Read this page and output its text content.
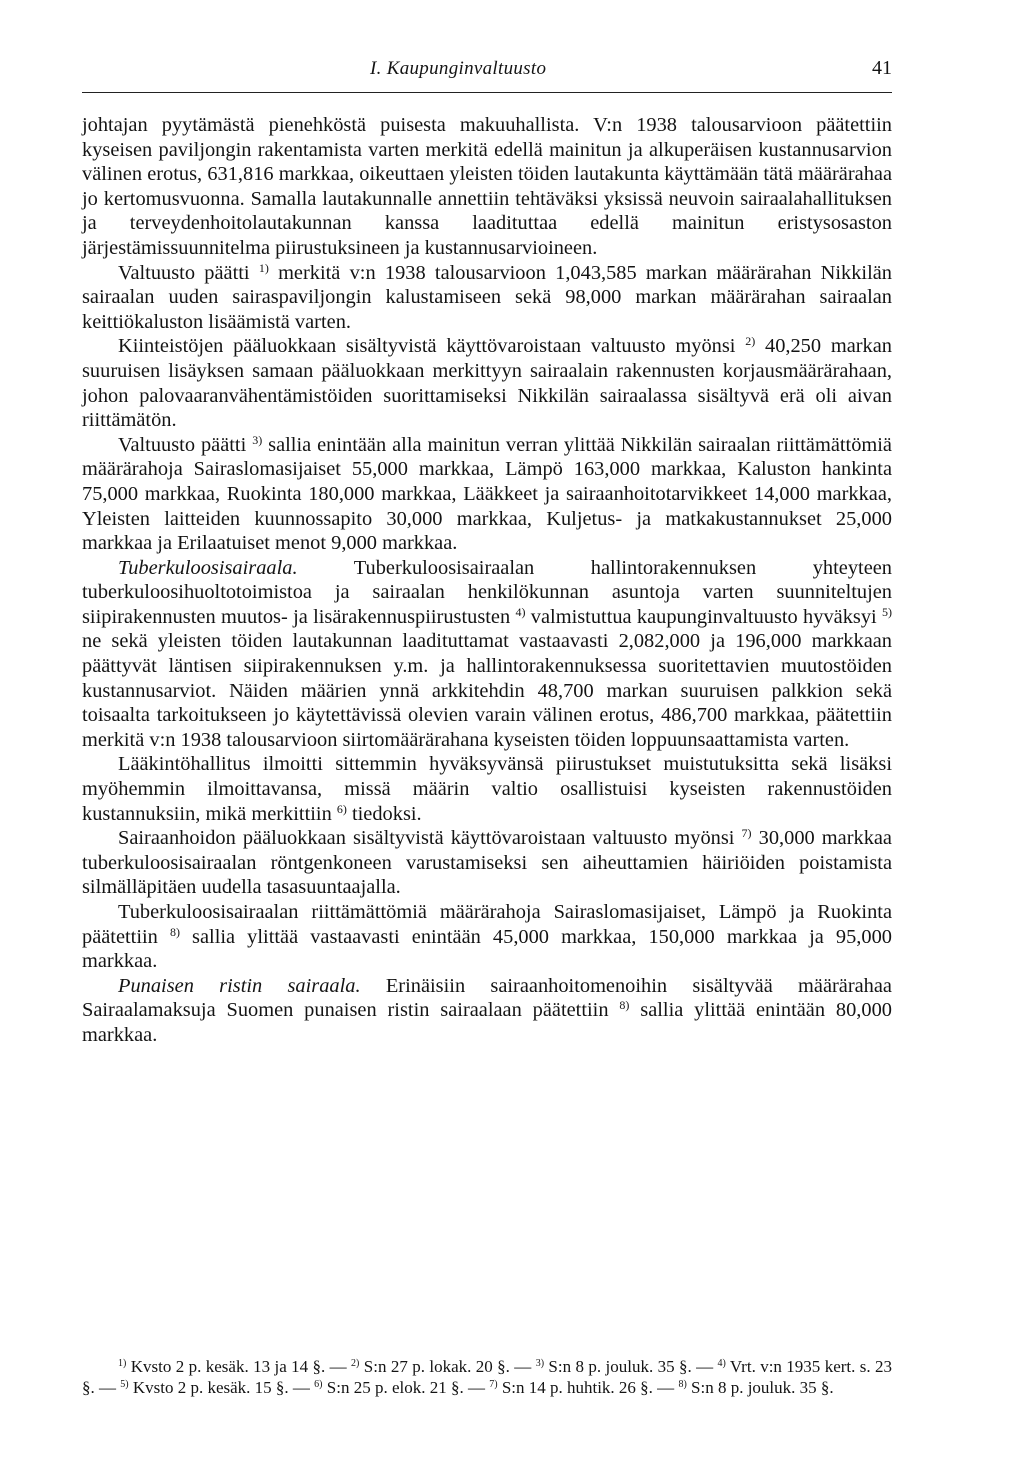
I. Kaupunginvaltuusto	41

johtajan pyytämästä pienehköstä puisesta makuuhallista. V:n 1938 talousarvioon päätettiin kyseisen paviljongin rakentamista varten merkitä edellä mainitun ja alkuperäisen kustannusarvion välinen erotus, 631,816 markkaa, oikeuttaen yleisten töiden lautakunta käyttämään tätä määrärahaa jo kertomusvuonna. Samalla lautakunnalle annettiin tehtäväksi yksissä neuvoin sairaalahallituksen ja terveydenhoitolautakunnan kanssa laadituttaa edellä mainitun eristysosaston järjestämissuunnitelma piirustuksineen ja kustannusarvioineen.

Valtuusto päätti $^{1)}$ merkitä v:n 1938 talousarvioon 1,043,585 markan määrärahan Nikkilän sairaalan uuden sairaspaviljongin kalustamiseen sekä 98,000 markan määrärahan sairaalan keittiökaluston lisäämistä varten.

Kiinteistöjen pääluokkaan sisältyvistä käyttövaroistaan valtuusto myönsi $^{2)}$ 40,250 markan suuruisen lisäyksen samaan pääluokkaan merkittyyn sairaalain rakennusten korjausmäärärahaan, johon palovaaranvähentämistöiden suorittamiseksi Nikkilän sairaalassa sisältyvä erä oli aivan riittämätön.

Valtuusto päätti $^{3)}$ sallia enintään alla mainitun verran ylittää Nikkilän sairaalan riittämättömiä määrärahoja Sairaslomasijaiset 55,000 markkaa, Lämpö 163,000 markkaa, Kaluston hankinta 75,000 markkaa, Ruokinta 180,000 markkaa, Lääkkeet ja sairaanhoitotarvikkeet 14,000 markkaa, Yleisten laitteiden kuunnossapito 30,000 markkaa, Kuljetus- ja matkakustannukset 25,000 markkaa ja Erilaatuiset menot 9,000 markkaa.

Tuberkuloosisairaala. Tuberkuloosisairaalan hallintorakennuksen yhteyteen tuberkuloosihuoltotoimistoa ja sairaalan henkilökunnan asuntoja varten suunniteltujen siipirakennusten muutos- ja lisärakennuspiirustusten $^{4)}$ valmistuttua kaupunginvaltuusto hyväksyi $^{5)}$ ne sekä yleisten töiden lautakunnan laadituttamat vastaavasti 2,082,000 ja 196,000 markkaan päättyvät läntisen siipirakennuksen y.m. ja hallintorakennuksessa suoritettavien muutostöiden kustannusarviot. Näiden määrien ynnä arkkitehdin 48,700 markan suuruisen palkkion sekä toisaalta tarkoitukseen jo käytettävissä olevien varain välinen erotus, 486,700 markkaa, päätettiin merkitä v:n 1938 talousarvioon siirtomäärärahana kyseisten töiden loppuunsaattamista varten.

Lääkintöhallitus ilmoitti sittemmin hyväksyvänsä piirustukset muistutuksitta sekä lisäksi myöhemmin ilmoittavansa, missä määrin valtio osallistuisi kyseisten rakennustöiden kustannuksiin, mikä merkittiin $^{6)}$ tiedoksi.

Sairaanhoidon pääluokkaan sisältyvistä käyttövaroistaan valtuusto myönsi $^{7)}$ 30,000 markkaa tuberkuloosisairaalan röntgenkoneen varustamiseksi sen aiheuttamien häiriöiden poistamista silmälläpitäen uudella tasasuuntaajalla.

Tuberkuloosisairaalan riittämättömiä määrärahoja Sairaslomasijaiset, Lämpö ja Ruokinta päätettiin $^{8)}$ sallia ylittää vastaavasti enintään 45,000 markkaa, 150,000 markkaa ja 95,000 markkaa.

Punaisen ristin sairaala. Erinäisiin sairaanhoitomenoihin sisältyvää määrärahaa Sairaalamaksuja Suomen punaisen ristin sairaalaan päätettiin $^{8)}$ sallia ylittää enintään 80,000 markkaa.

$^{1)}$ Kvsto 2 p. kesäk. 13 ja 14 §. — $^{2)}$ S:n 27 p. lokak. 20 §. — $^{3)}$ S:n 8 p. jouluk. 35 §. — $^{4)}$ Vrt. v:n 1935 kert. s. 23 §. — $^{5)}$ Kvsto 2 p. kesäk. 15 §. — $^{6)}$ S:n 25 p. elok. 21 §. — $^{7)}$ S:n 14 p. huhtik. 26 §. — $^{8)}$ S:n 8 p. jouluk. 35 §.
